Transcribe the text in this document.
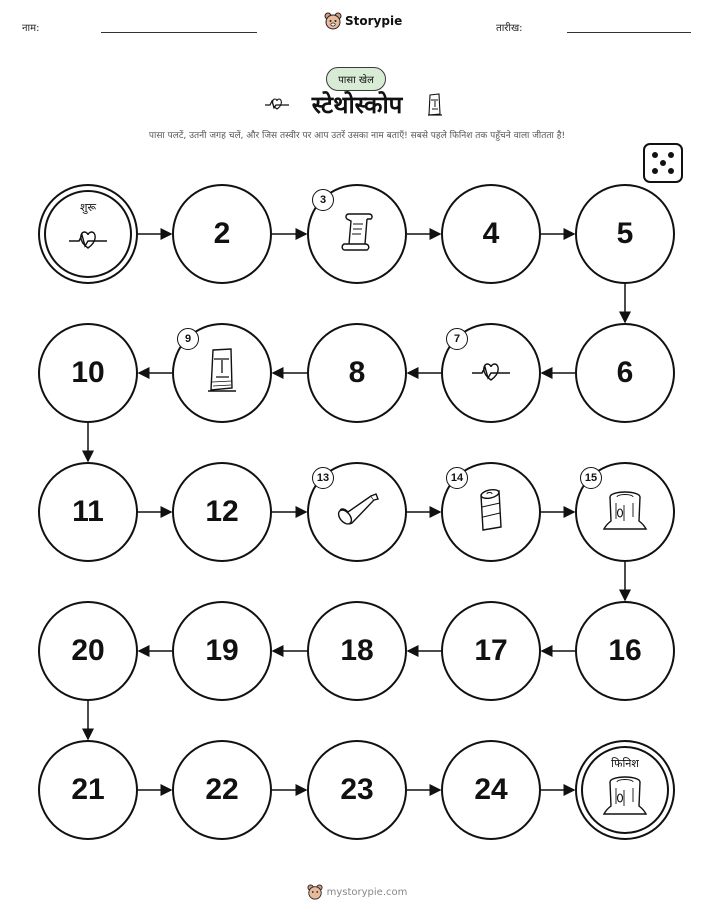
नाम:
Storypie
तारीख:
पासा खेल
स्टेथोस्कोप
पासा पलटें, उतनी जगह चलें, और जिस तस्वीर पर आप उतरें उसका नाम बताएँ! सबसे पहले फिनिश तक पहुँचने वाला जीतता है!
शुरू
2
3
4	5
6
7
8
9
10
11	12
13	14	15
16
17
18
19
20
21	22	23	24
फिनिश
mystorypie.com
